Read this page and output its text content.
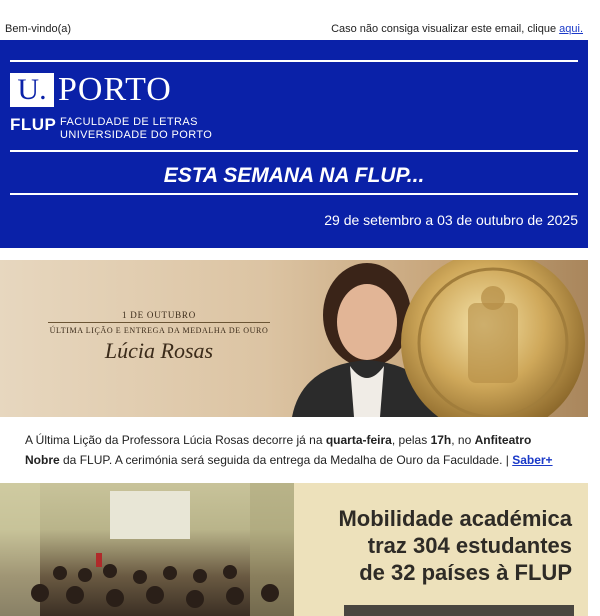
Bem-vindo(a)	Caso não consiga visualizar este email, clique aqui.
U. PORTO
FLUP FACULDADE DE LETRAS
UNIVERSIDADE DO PORTO
ESTA SEMANA NA FLUP...
29 de setembro a 03 de outubro de 2025
1 DE OUTUBRO
ÚLTIMA LIÇÃO E ENTREGA DA MEDALHA DE OURO
Lúcia Rosas
A Última Lição da Professora Lúcia Rosas decorre já na quarta-feira, pelas 17h, no Anfiteatro Nobre da FLUP. A cerimónia será seguida da entrega da Medalha de Ouro da Faculdade. | Saber+
Mobilidade académica
traz 304 estudantes
de 32 países à FLUP
